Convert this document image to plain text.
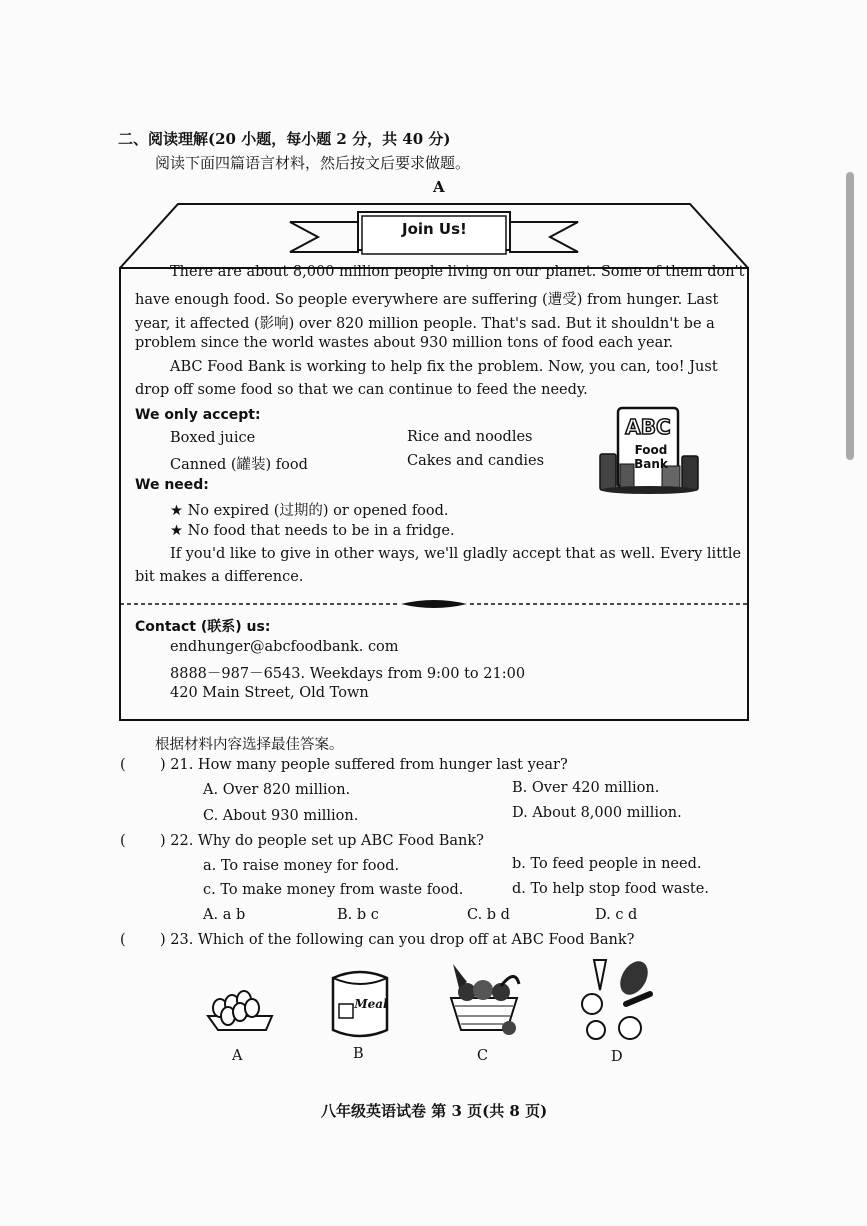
二、阅读理解(20 小题，每小题 2 分，共 40 分)
阅读下面四篇语言材料，然后按文后要求做题。
A
Join Us!
There are about 8,000 million people living on our planet. Some of them don't
have enough food. So people everywhere are suffering (遭受) from hunger. Last
year, it affected (影响) over 820 million people. That's sad. But it shouldn't be a
problem since the world wastes about 930 million tons of food each year.
ABC Food Bank is working to help fix the problem. Now, you can, too! Just
drop off some food so that we can continue to feed the needy.
We only accept:
Boxed juice	Rice and noodles
Canned (罐装) food	Cakes and candies
ABC
Food
Bank
We need:
★ No expired (过期的) or opened food.
★ No food that needs to be in a fridge.
If you'd like to give in other ways, we'll gladly accept that as well. Every little
bit makes a difference.
Contact (联系) us:
endhunger@abcfoodbank. com
8888－987－6543. Weekdays from 9:00 to 21:00
420 Main Street, Old Town
根据材料内容选择最佳答案。
( ) 21. How many people suffered from hunger last year?
A. Over 820 million.	B. Over 420 million.
C. About 930 million.	D. About 8,000 million.
( ) 22. Why do people set up ABC Food Bank?
a. To raise money for food.	b. To feed people in need.
c. To make money from waste food.	d. To help stop food waste.
A. a b	B. b c	C. b d	D. c d
( ) 23. Which of the following can you drop off at ABC Food Bank?
Meal
A	B	C	D
八年级英语试卷 第 3 页(共 8 页)
